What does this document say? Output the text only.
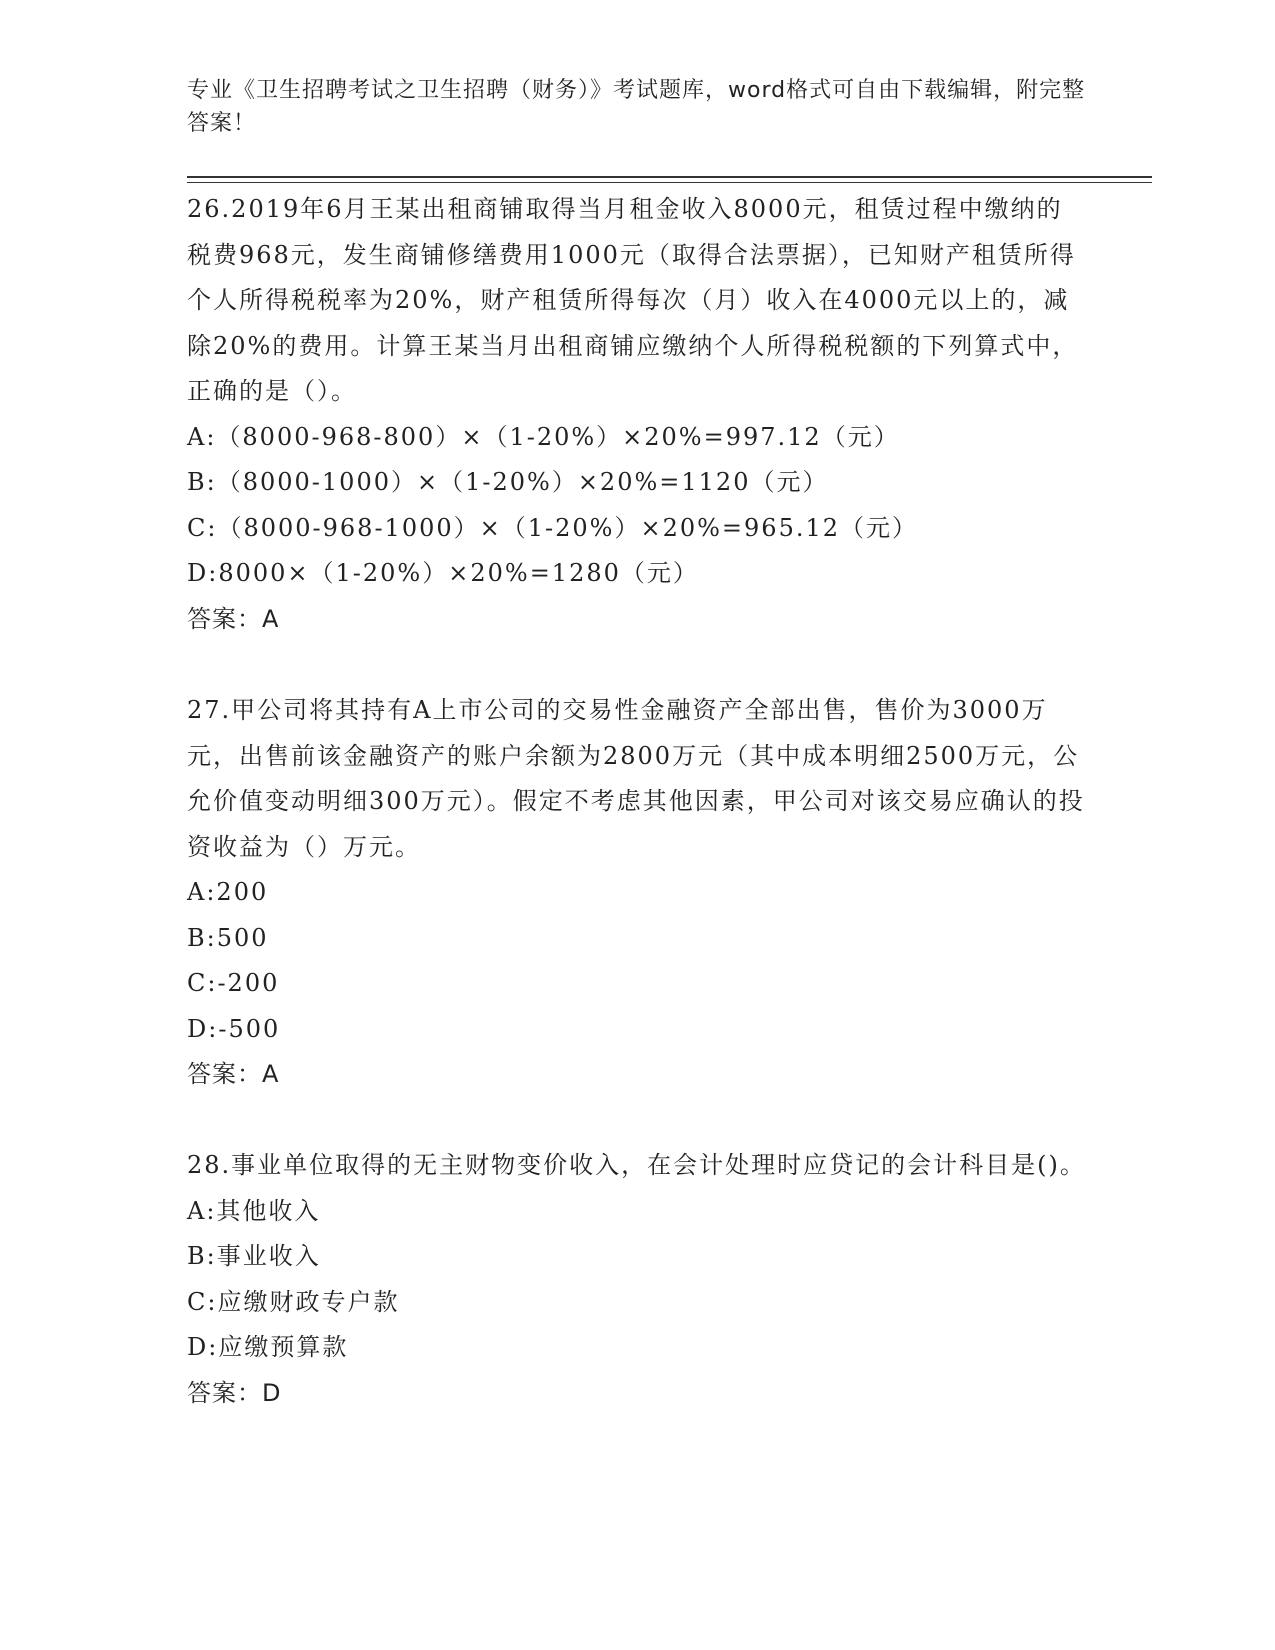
专业《卫生招聘考试之卫生招聘（财务）》考试题库，word格式可自由下载编辑，附完整答案！

26.2019年6月王某出租商铺取得当月租金收入8000元，租赁过程中缴纳的税费968元，发生商铺修缮费用1000元（取得合法票据），已知财产租赁所得个人所得税税率为20%，财产租赁所得每次（月）收入在4000元以上的，减除20%的费用。计算王某当月出租商铺应缴纳个人所得税税额的下列算式中，正确的是（）。

A:（8000-968-800）×（1-20%）×20%=997.12（元）

B:（8000-1000）×（1-20%）×20%=1120（元）

C:（8000-968-1000）×（1-20%）×20%=965.12（元）

D:8000×（1-20%）×20%=1280（元）

答案：A

27.甲公司将其持有A上市公司的交易性金融资产全部出售，售价为3000万元，出售前该金融资产的账户余额为2800万元（其中成本明细2500万元，公允价值变动明细300万元）。假定不考虑其他因素，甲公司对该交易应确认的投资收益为（）万元。

A:200

B:500

C:-200

D:-500

答案：A

28.事业单位取得的无主财物变价收入，在会计处理时应贷记的会计科目是()。

A:其他收入

B:事业收入

C:应缴财政专户款

D:应缴预算款

答案：D
